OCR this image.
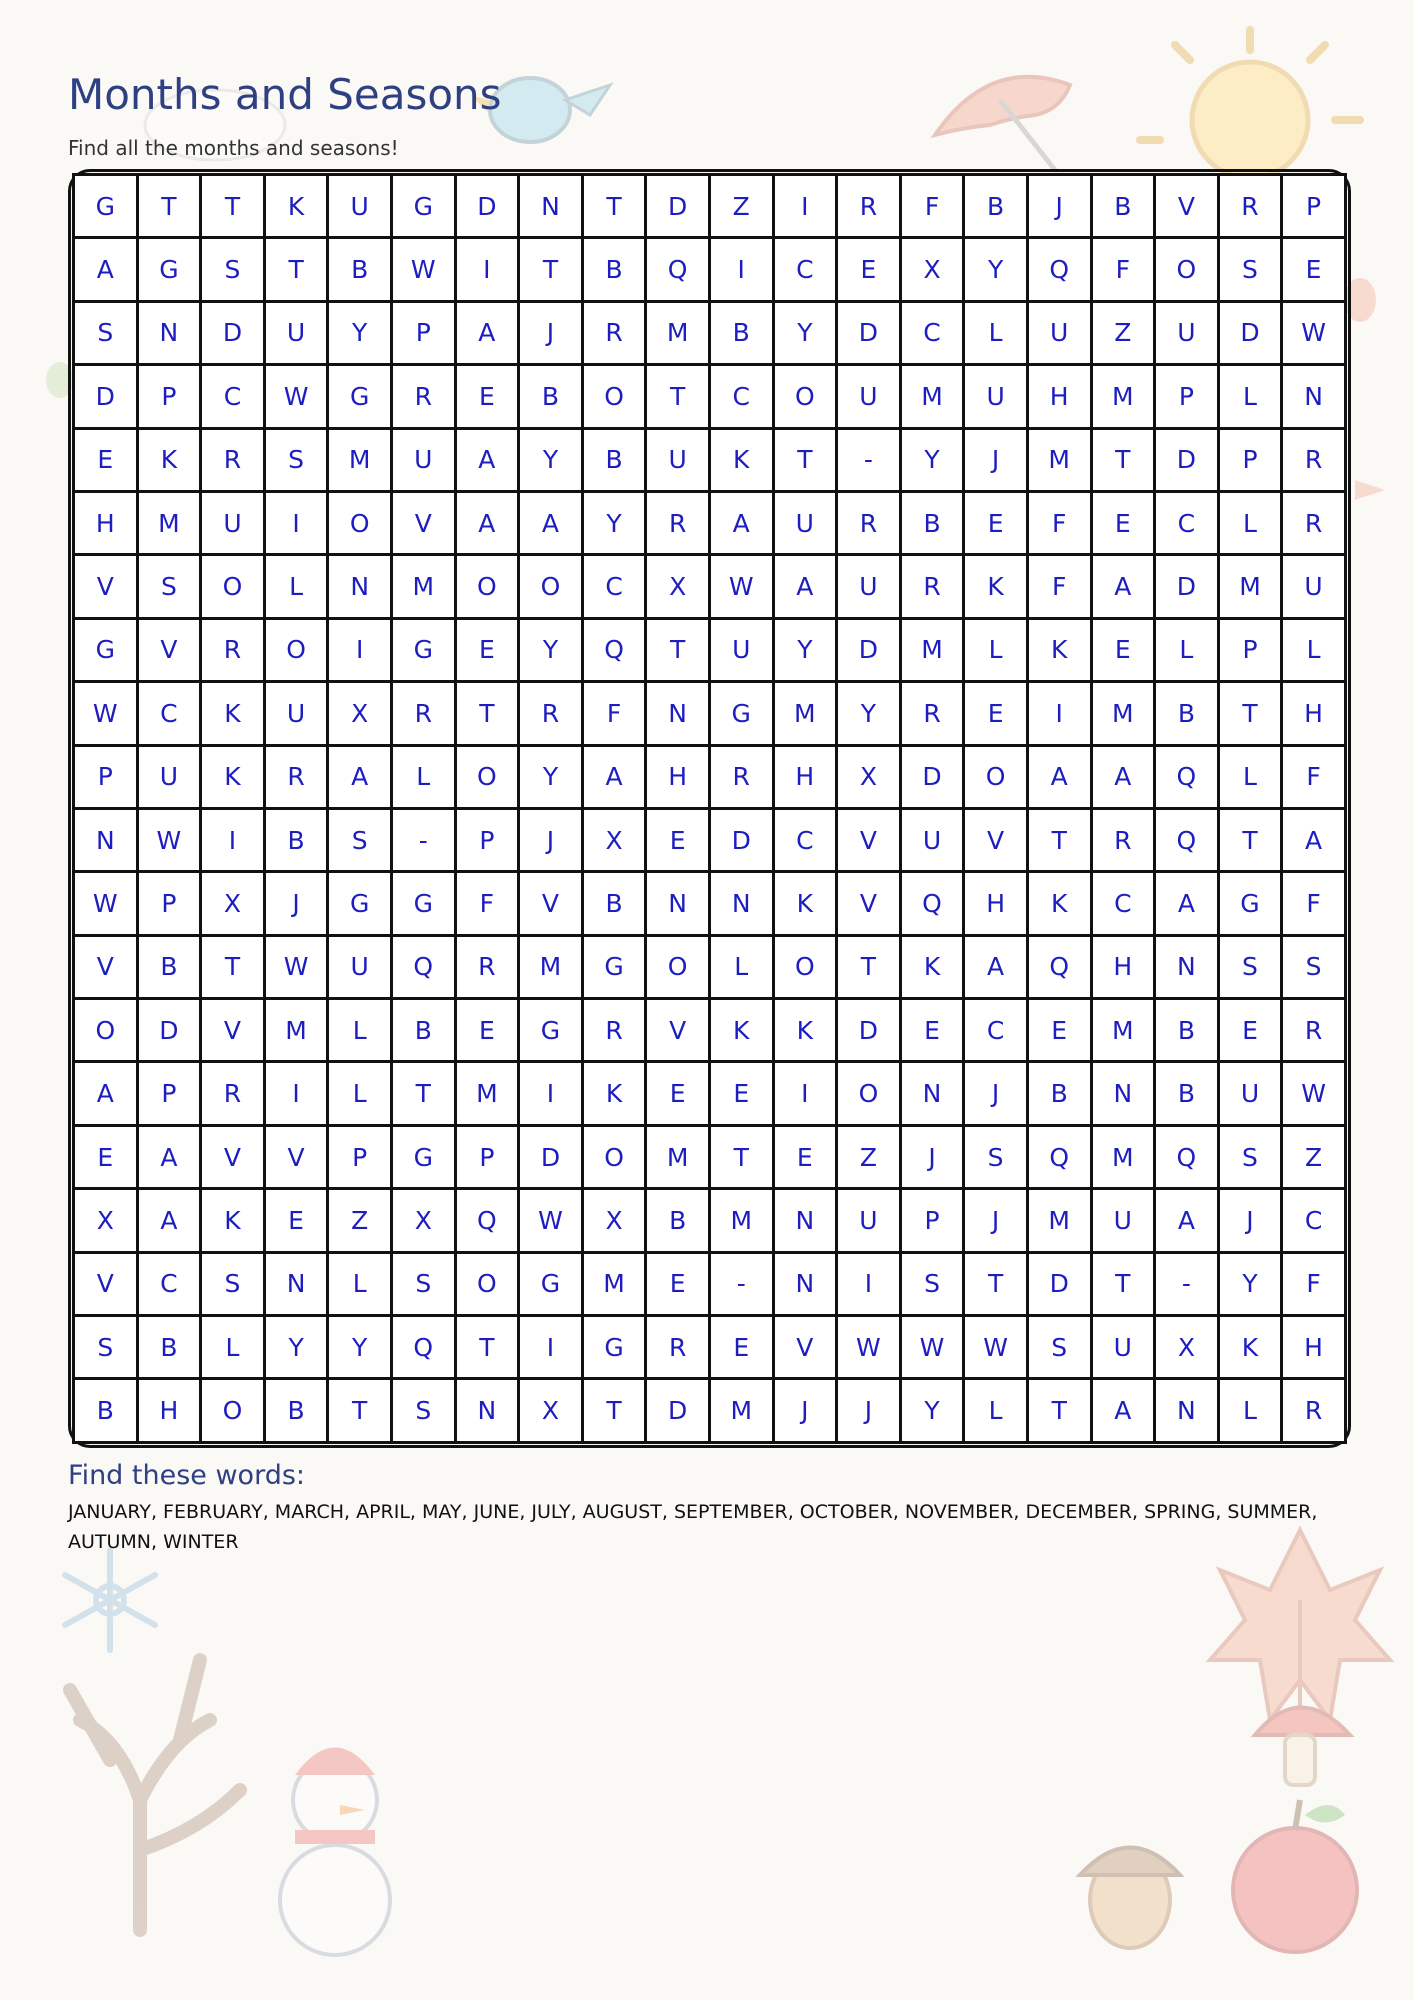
Months and Seasons
Find all the months and seasons!
G	T	T	K	U	G	D	N	T	D	Z	I	R	F	B	J	B	V	R	P
A	G	S	T	B	W	I	T	B	Q	I	C	E	X	Y	Q	F	O	S	E
S	N	D	U	Y	P	A	J	R	M	B	Y	D	C	L	U	Z	U	D	W
D	P	C	W	G	R	E	B	O	T	C	O	U	M	U	H	M	P	L	N
E	K	R	S	M	U	A	Y	B	U	K	T	-	Y	J	M	T	D	P	R
H	M	U	I	O	V	A	A	Y	R	A	U	R	B	E	F	E	C	L	R
V	S	O	L	N	M	O	O	C	X	W	A	U	R	K	F	A	D	M	U
G	V	R	O	I	G	E	Y	Q	T	U	Y	D	M	L	K	E	L	P	L
W	C	K	U	X	R	T	R	F	N	G	M	Y	R	E	I	M	B	T	H
P	U	K	R	A	L	O	Y	A	H	R	H	X	D	O	A	A	Q	L	F
N	W	I	B	S	-	P	J	X	E	D	C	V	U	V	T	R	Q	T	A
W	P	X	J	G	G	F	V	B	N	N	K	V	Q	H	K	C	A	G	F
V	B	T	W	U	Q	R	M	G	O	L	O	T	K	A	Q	H	N	S	S
O	D	V	M	L	B	E	G	R	V	K	K	D	E	C	E	M	B	E	R
A	P	R	I	L	T	M	I	K	E	E	I	O	N	J	B	N	B	U	W
E	A	V	V	P	G	P	D	O	M	T	E	Z	J	S	Q	M	Q	S	Z
X	A	K	E	Z	X	Q	W	X	B	M	N	U	P	J	M	U	A	J	C
V	C	S	N	L	S	O	G	M	E	-	N	I	S	T	D	T	-	Y	F
S	B	L	Y	Y	Q	T	I	G	R	E	V	W	W	W	S	U	X	K	H
B	H	O	B	T	S	N	X	T	D	M	J	J	Y	L	T	A	N	L	R
Find these words:
JANUARY, FEBRUARY, MARCH, APRIL, MAY, JUNE, JULY, AUGUST, SEPTEMBER, OCTOBER, NOVEMBER, DECEMBER, SPRING, SUMMER, AUTUMN, WINTER
